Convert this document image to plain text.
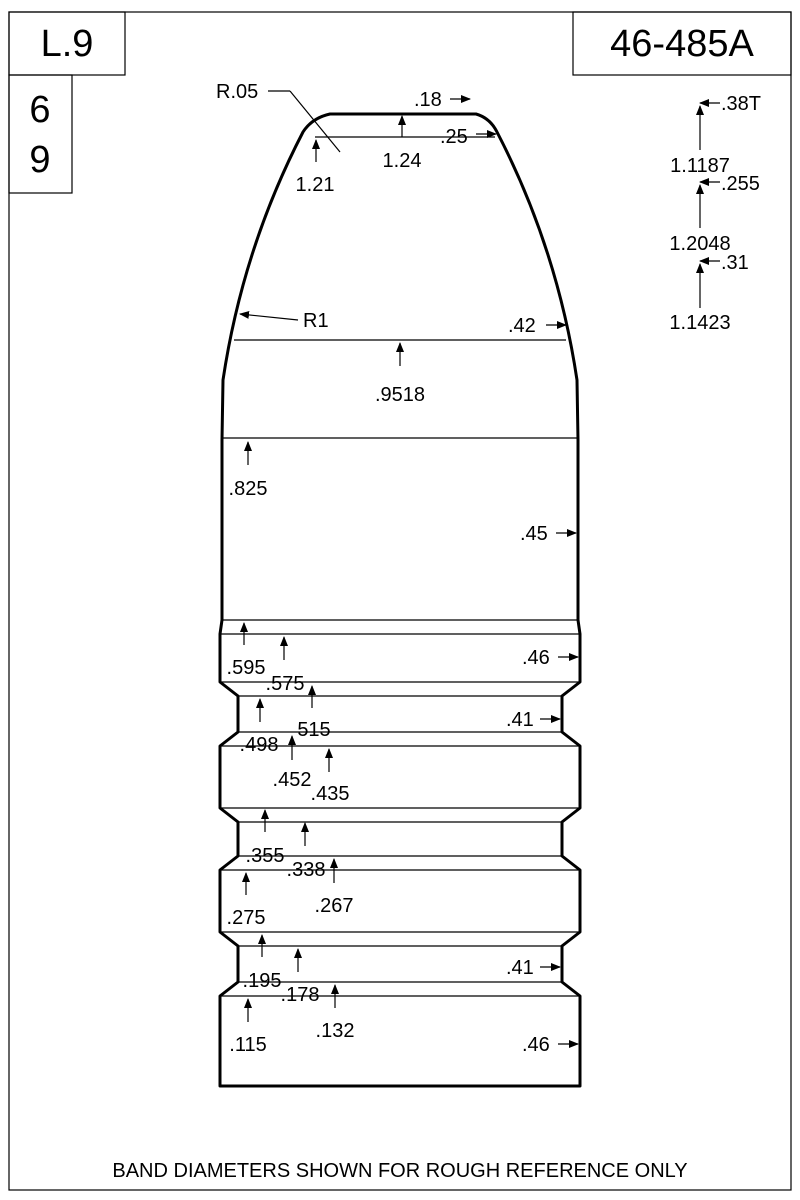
L.9
6
9
46-485A
R.05	.18
.25
1.24
1.21
R1	.42
.9518
.825
.45
.595
.575
.46
515
.498
.41
.452
.435
.355
.338
.267
.275
.195
.178
.41
.132
.115	.46
.38T
1.1187
.255
1.2048
.31
1.1423
BAND DIAMETERS SHOWN FOR ROUGH REFERENCE ONLY
